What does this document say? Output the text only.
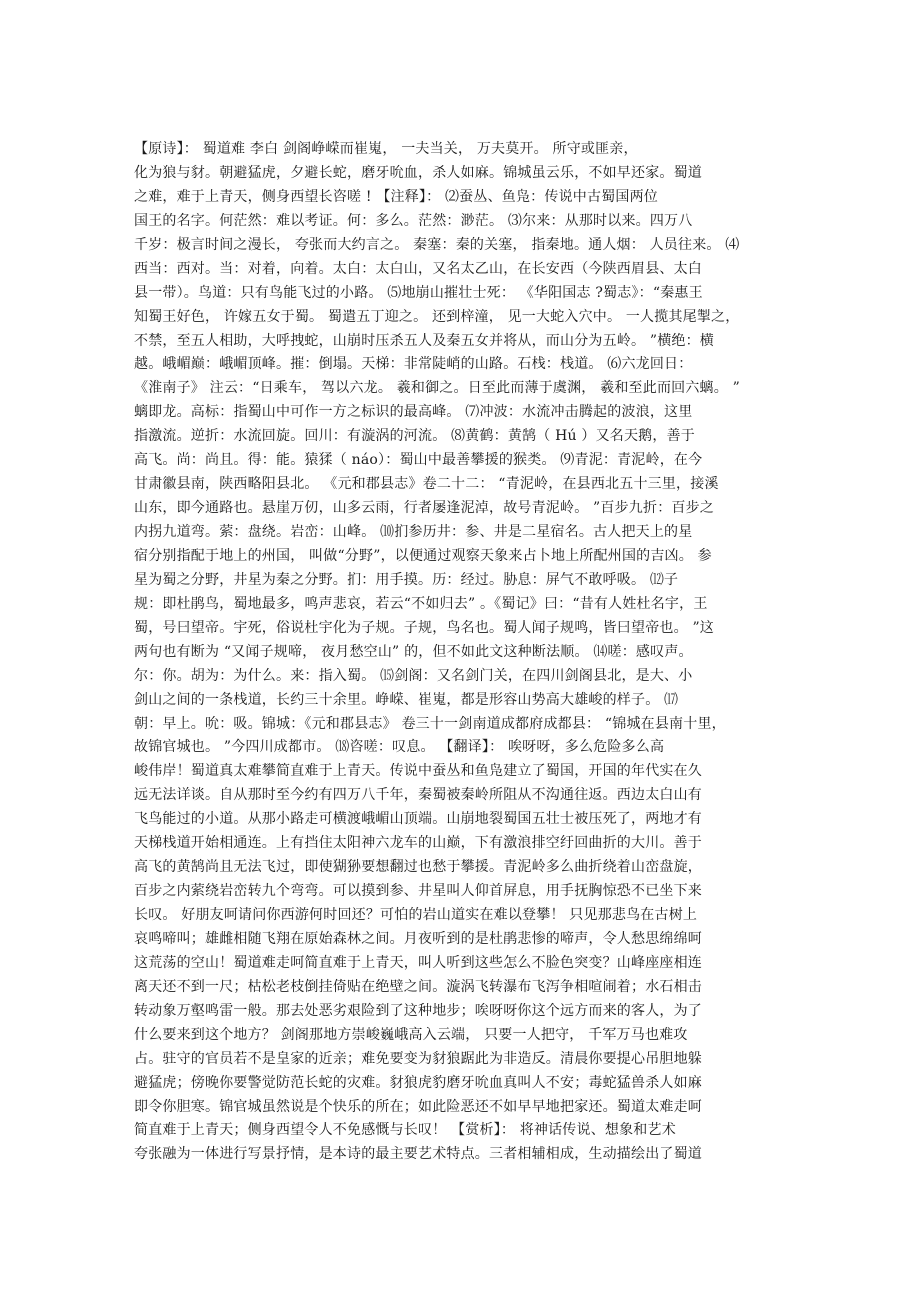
【原诗】： 蜀道难 李白 剑阁峥嵘而崔嵬， 一夫当关， 万夫莫开。 所守或匪亲，
化为狼与豺。朝避猛虎，夕避长蛇，磨牙吮血，杀人如麻。锦城虽云乐，不如早还家。蜀道
之难，难于上青天，侧身西望长咨嗟 ! 【注释】： ⑵蚕丛、鱼凫：传说中古蜀国两位
国王的名字。何茫然：难以考证。何：多么。茫然：渺茫。 ⑶尔来：从那时以来。四万八
千岁：极言时间之漫长， 夸张而大约言之。 秦塞：秦的关塞， 指秦地。通人烟： 人员往来。 ⑷
西当：西对。当：对着，向着。太白：太白山，又名太乙山，在长安西（今陕西眉县、太白
县一带）。鸟道：只有鸟能飞过的小路。 ⑸地崩山摧壮士死： 《华阳国志 ?蜀志》：“秦惠王
知蜀王好色， 许嫁五女于蜀。 蜀遣五丁迎之。 还到梓潼， 见一大蛇入穴中。 一人揽其尾掣之，
不禁，至五人相助，大呼拽蛇，山崩时压杀五人及秦五女并将从，而山分为五岭。 ”横绝：横
越。峨嵋巅：峨嵋顶峰。摧：倒塌。天梯：非常陡峭的山路。石栈：栈道。 ⑹六龙回日：
《淮南子》 注云：“日乘车， 驾以六龙。 羲和御之。日至此而薄于虞渊， 羲和至此而回六螭。 ”
螭即龙。高标：指蜀山中可作一方之标识的最高峰。 ⑺冲波：水流冲击腾起的波浪，这里
指激流。逆折：水流回旋。回川：有漩涡的河流。 ⑻黄鹤：黄鹄（ Hú ）又名天鹅，善于
高飞。尚：尚且。得：能。猿猱（ náo）：蜀山中最善攀援的猴类。 ⑼青泥：青泥岭，在今
甘肃徽县南，陕西略阳县北。 《元和郡县志》卷二十二： “青泥岭，在县西北五十三里，接溪
山东，即今通路也。悬崖万仞，山多云雨，行者屡逢泥淖，故号青泥岭。 ”百步九折：百步之
内拐九道弯。萦：盘绕。岩峦：山峰。 ⑽扪参历井：参、井是二星宿名。古人把天上的星
宿分别指配于地上的州国， 叫做“分野”，以便通过观察天象来占卜地上所配州国的吉凶。 参
星为蜀之分野，井星为秦之分野。扪：用手摸。历：经过。胁息：屏气不敢呼吸。 ⑿子
规：即杜鹃鸟，蜀地最多，鸣声悲哀，若云“不如归去” 。《蜀记》曰：“昔有人姓杜名宇，王
蜀，号曰望帝。宇死，俗说杜宇化为子规。子规，鸟名也。蜀人闻子规鸣，皆曰望帝也。 ”这
两句也有断为 “又闻子规啼， 夜月愁空山” 的，但不如此文这种断法顺。 ⒁嗟：感叹声。
尔：你。胡为：为什么。来：指入蜀。 ⒂剑阁：又名剑门关，在四川剑阁县北，是大、小
剑山之间的一条栈道，长约三十余里。峥嵘、崔嵬，都是形容山势高大雄峻的样子。 ⒄
朝：早上。吮：吸。锦城：《元和郡县志》 卷三十一剑南道成都府成都县： “锦城在县南十里，
故锦官城也。 ”今四川成都市。 ⒅咨嗟：叹息。 【翻译】： 唉呀呀，多么危险多么高
峻伟岸！蜀道真太难攀简直难于上青天。传说中蚕丛和鱼凫建立了蜀国，开国的年代实在久
远无法详谈。自从那时至今约有四万八千年，秦蜀被秦岭所阻从不沟通往返。西边太白山有
飞鸟能过的小道。从那小路走可横渡峨嵋山顶端。山崩地裂蜀国五壮士被压死了，两地才有
天梯栈道开始相通连。上有挡住太阳神六龙车的山巅，下有激浪排空纡回曲折的大川。善于
高飞的黄鹄尚且无法飞过，即使猢狲要想翻过也愁于攀援。青泥岭多么曲折绕着山峦盘旋，
百步之内萦绕岩峦转九个弯弯。可以摸到参、井星叫人仰首屏息，用手抚胸惊恐不已坐下来
长叹。 好朋友呵请问你西游何时回还？可怕的岩山道实在难以登攀！ 只见那悲鸟在古树上
哀鸣啼叫；雄雌相随飞翔在原始森林之间。月夜听到的是杜鹃悲惨的啼声，令人愁思绵绵呵
这荒荡的空山！蜀道难走呵简直难于上青天，叫人听到这些怎么不脸色突变？山峰座座相连
离天还不到一尺；枯松老枝倒挂倚贴在绝壁之间。漩涡飞转瀑布飞泻争相喧闹着；水石相击
转动象万壑鸣雷一般。那去处恶劣艰险到了这种地步；唉呀呀你这个远方而来的客人，为了
什么要来到这个地方？ 剑阁那地方崇峻巍峨高入云端， 只要一人把守， 千军万马也难攻
占。驻守的官员若不是皇家的近亲；难免要变为豺狼踞此为非造反。清晨你要提心吊胆地躲
避猛虎；傍晚你要警觉防范长蛇的灾难。豺狼虎豹磨牙吮血真叫人不安；毒蛇猛兽杀人如麻
即令你胆寒。锦官城虽然说是个快乐的所在；如此险恶还不如早早地把家还。蜀道太难走呵
简直难于上青天；侧身西望令人不免感慨与长叹！ 【赏析】： 将神话传说、想象和艺术
夸张融为一体进行写景抒情，是本诗的最主要艺术特点。三者相辅相成，生动描绘出了蜀道
